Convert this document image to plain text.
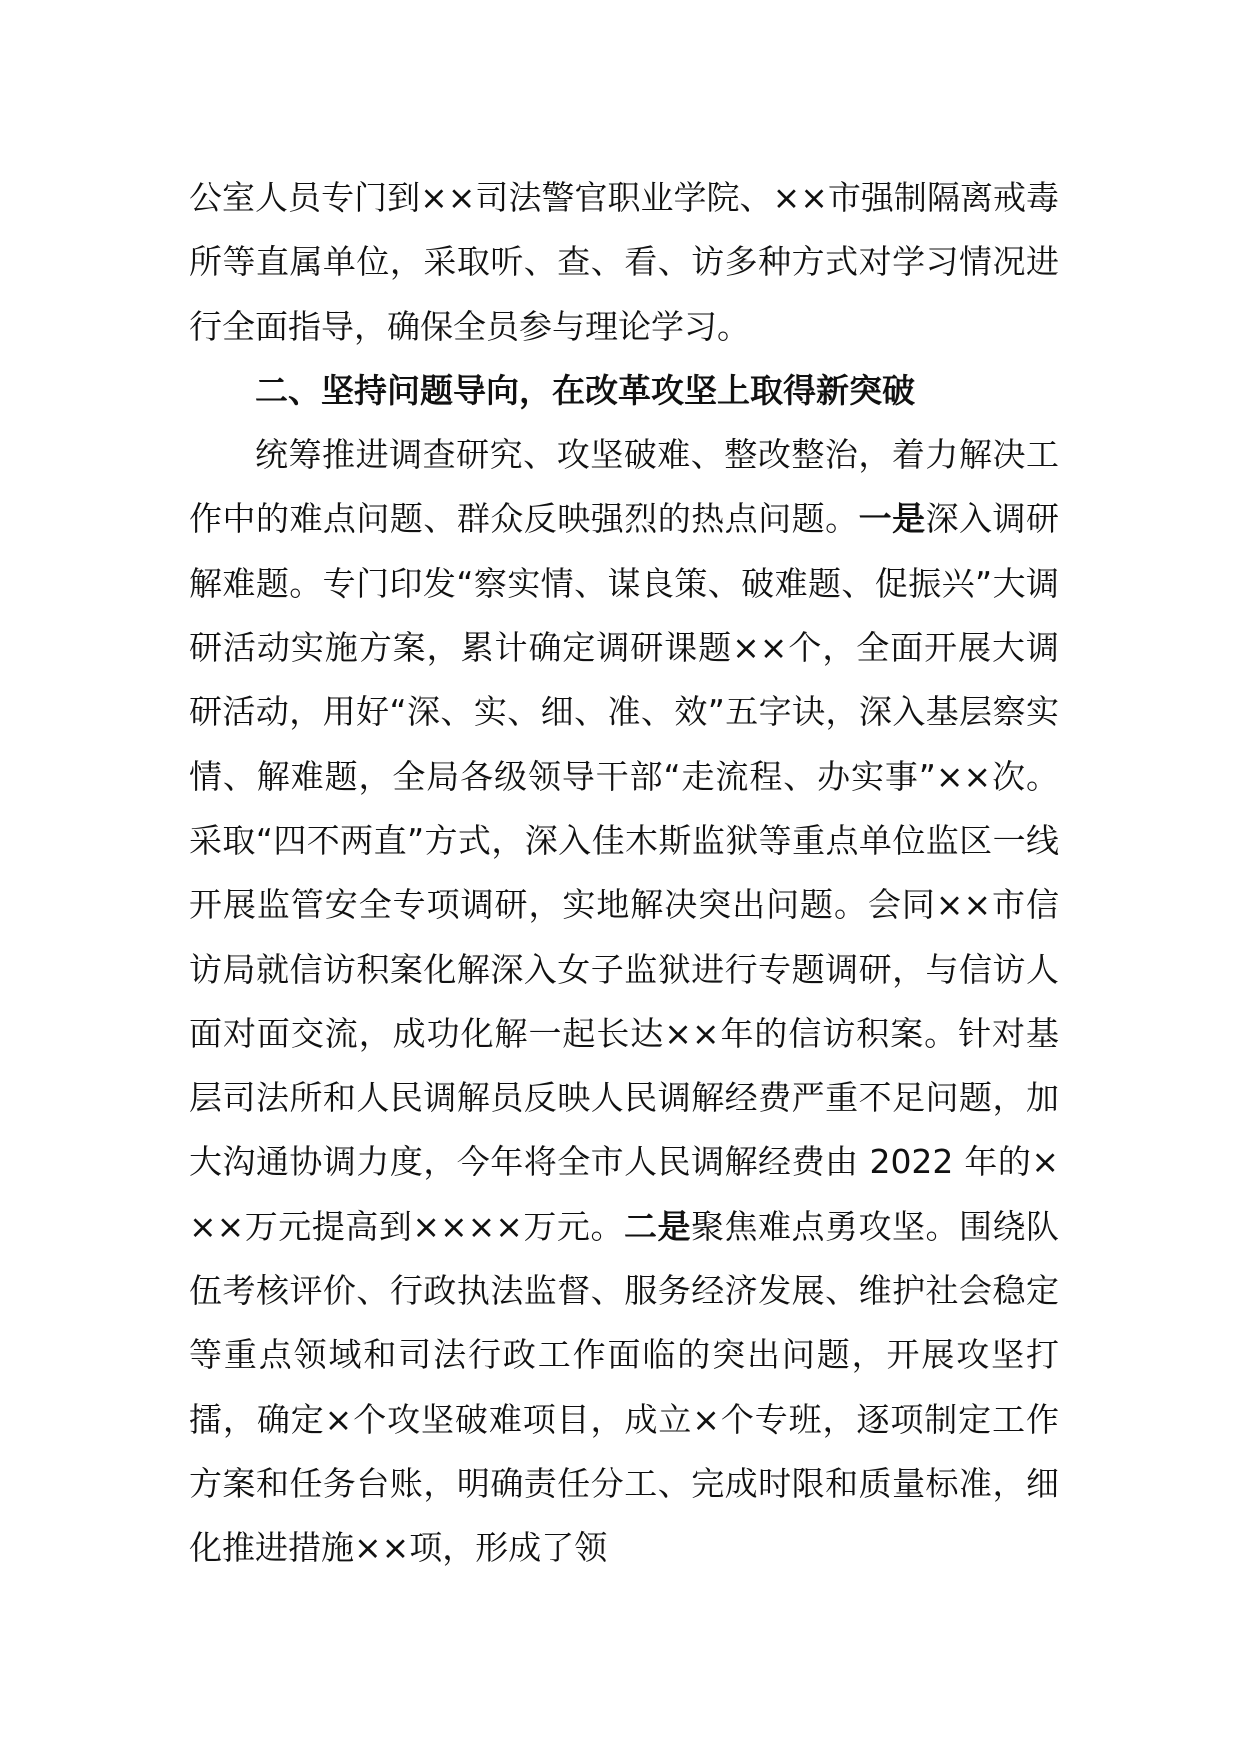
公室人员专门到××司法警官职业学院、××市强制隔离戒毒所等直属单位，采取听、查、看、访多种方式对学习情况进行全面指导，确保全员参与理论学习。

二、坚持问题导向，在改革攻坚上取得新突破

统筹推进调查研究、攻坚破难、整改整治，着力解决工作中的难点问题、群众反映强烈的热点问题。一是深入调研解难题。专门印发“察实情、谋良策、破难题、促振兴”大调研活动实施方案，累计确定调研课题××个，全面开展大调研活动，用好“深、实、细、准、效”五字诀，深入基层察实情、解难题，全局各级领导干部“走流程、办实事”××次。采取“四不两直”方式，深入佳木斯监狱等重点单位监区一线开展监管安全专项调研，实地解决突出问题。会同××市信访局就信访积案化解深入女子监狱进行专题调研，与信访人面对面交流，成功化解一起长达××年的信访积案。针对基层司法所和人民调解员反映人民调解经费严重不足问题，加大沟通协调力度，今年将全市人民调解经费由 2022 年的×××万元提高到××××万元。二是聚焦难点勇攻坚。围绕队伍考核评价、行政执法监督、服务经济发展、维护社会稳定等重点领域和司法行政工作面临的突出问题，开展攻坚打擂，确定×个攻坚破难项目，成立×个专班，逐项制定工作方案和任务台账，明确责任分工、完成时限和质量标准，细化推进措施××项，形成了领
